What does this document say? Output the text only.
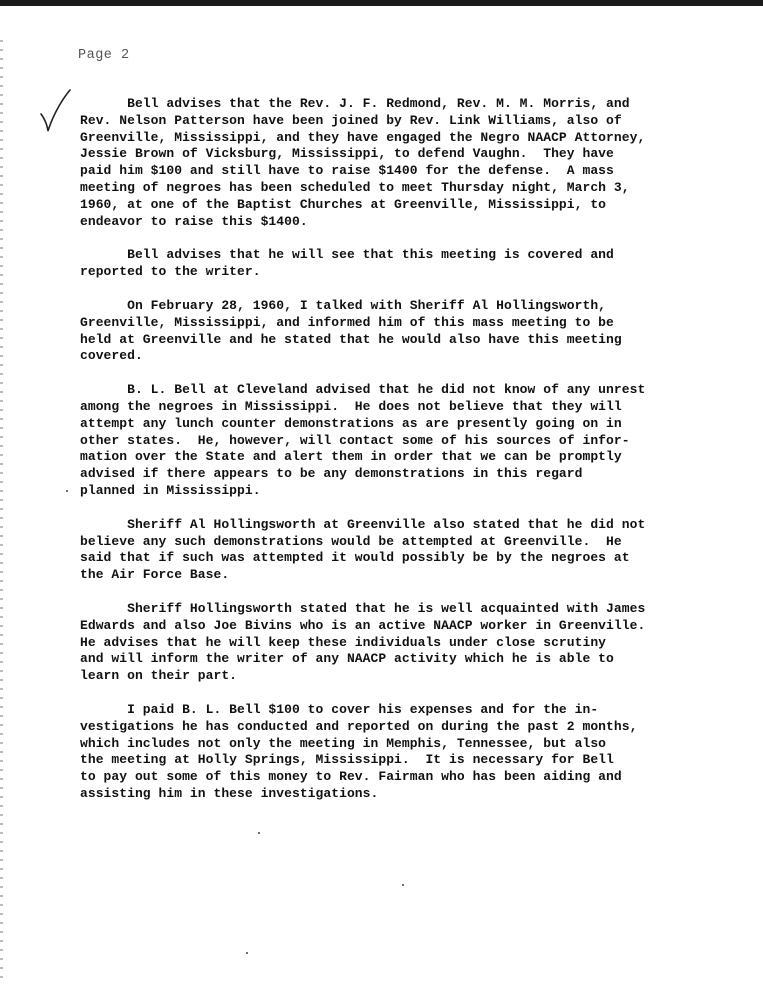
Page 2
Bell advises that the Rev. J. F. Redmond, Rev. M. M. Morris, and
Rev. Nelson Patterson have been joined by Rev. Link Williams, also of
Greenville, Mississippi, and they have engaged the Negro NAACP Attorney,
Jessie Brown of Vicksburg, Mississippi, to defend Vaughn.  They have
paid him $100 and still have to raise $1400 for the defense.  A mass
meeting of negroes has been scheduled to meet Thursday night, March 3,
1960, at one of the Baptist Churches at Greenville, Mississippi, to
endeavor to raise this $1400.
Bell advises that he will see that this meeting is covered and
reported to the writer.
On February 28, 1960, I talked with Sheriff Al Hollingsworth,
Greenville, Mississippi, and informed him of this mass meeting to be
held at Greenville and he stated that he would also have this meeting
covered.
B. L. Bell at Cleveland advised that he did not know of any unrest
among the negroes in Mississippi.  He does not believe that they will
attempt any lunch counter demonstrations as are presently going on in
other states.  He, however, will contact some of his sources of infor-
mation over the State and alert them in order that we can be promptly
advised if there appears to be any demonstrations in this regard
planned in Mississippi.
Sheriff Al Hollingsworth at Greenville also stated that he did not
believe any such demonstrations would be attempted at Greenville.  He
said that if such was attempted it would possibly be by the negroes at
the Air Force Base.
Sheriff Hollingsworth stated that he is well acquainted with James
Edwards and also Joe Bivins who is an active NAACP worker in Greenville.
He advises that he will keep these individuals under close scrutiny
and will inform the writer of any NAACP activity which he is able to
learn on their part.
I paid B. L. Bell $100 to cover his expenses and for the in-
vestigations he has conducted and reported on during the past 2 months,
which includes not only the meeting in Memphis, Tennessee, but also
the meeting at Holly Springs, Mississippi.  It is necessary for Bell
to pay out some of this money to Rev. Fairman who has been aiding and
assisting him in these investigations.
